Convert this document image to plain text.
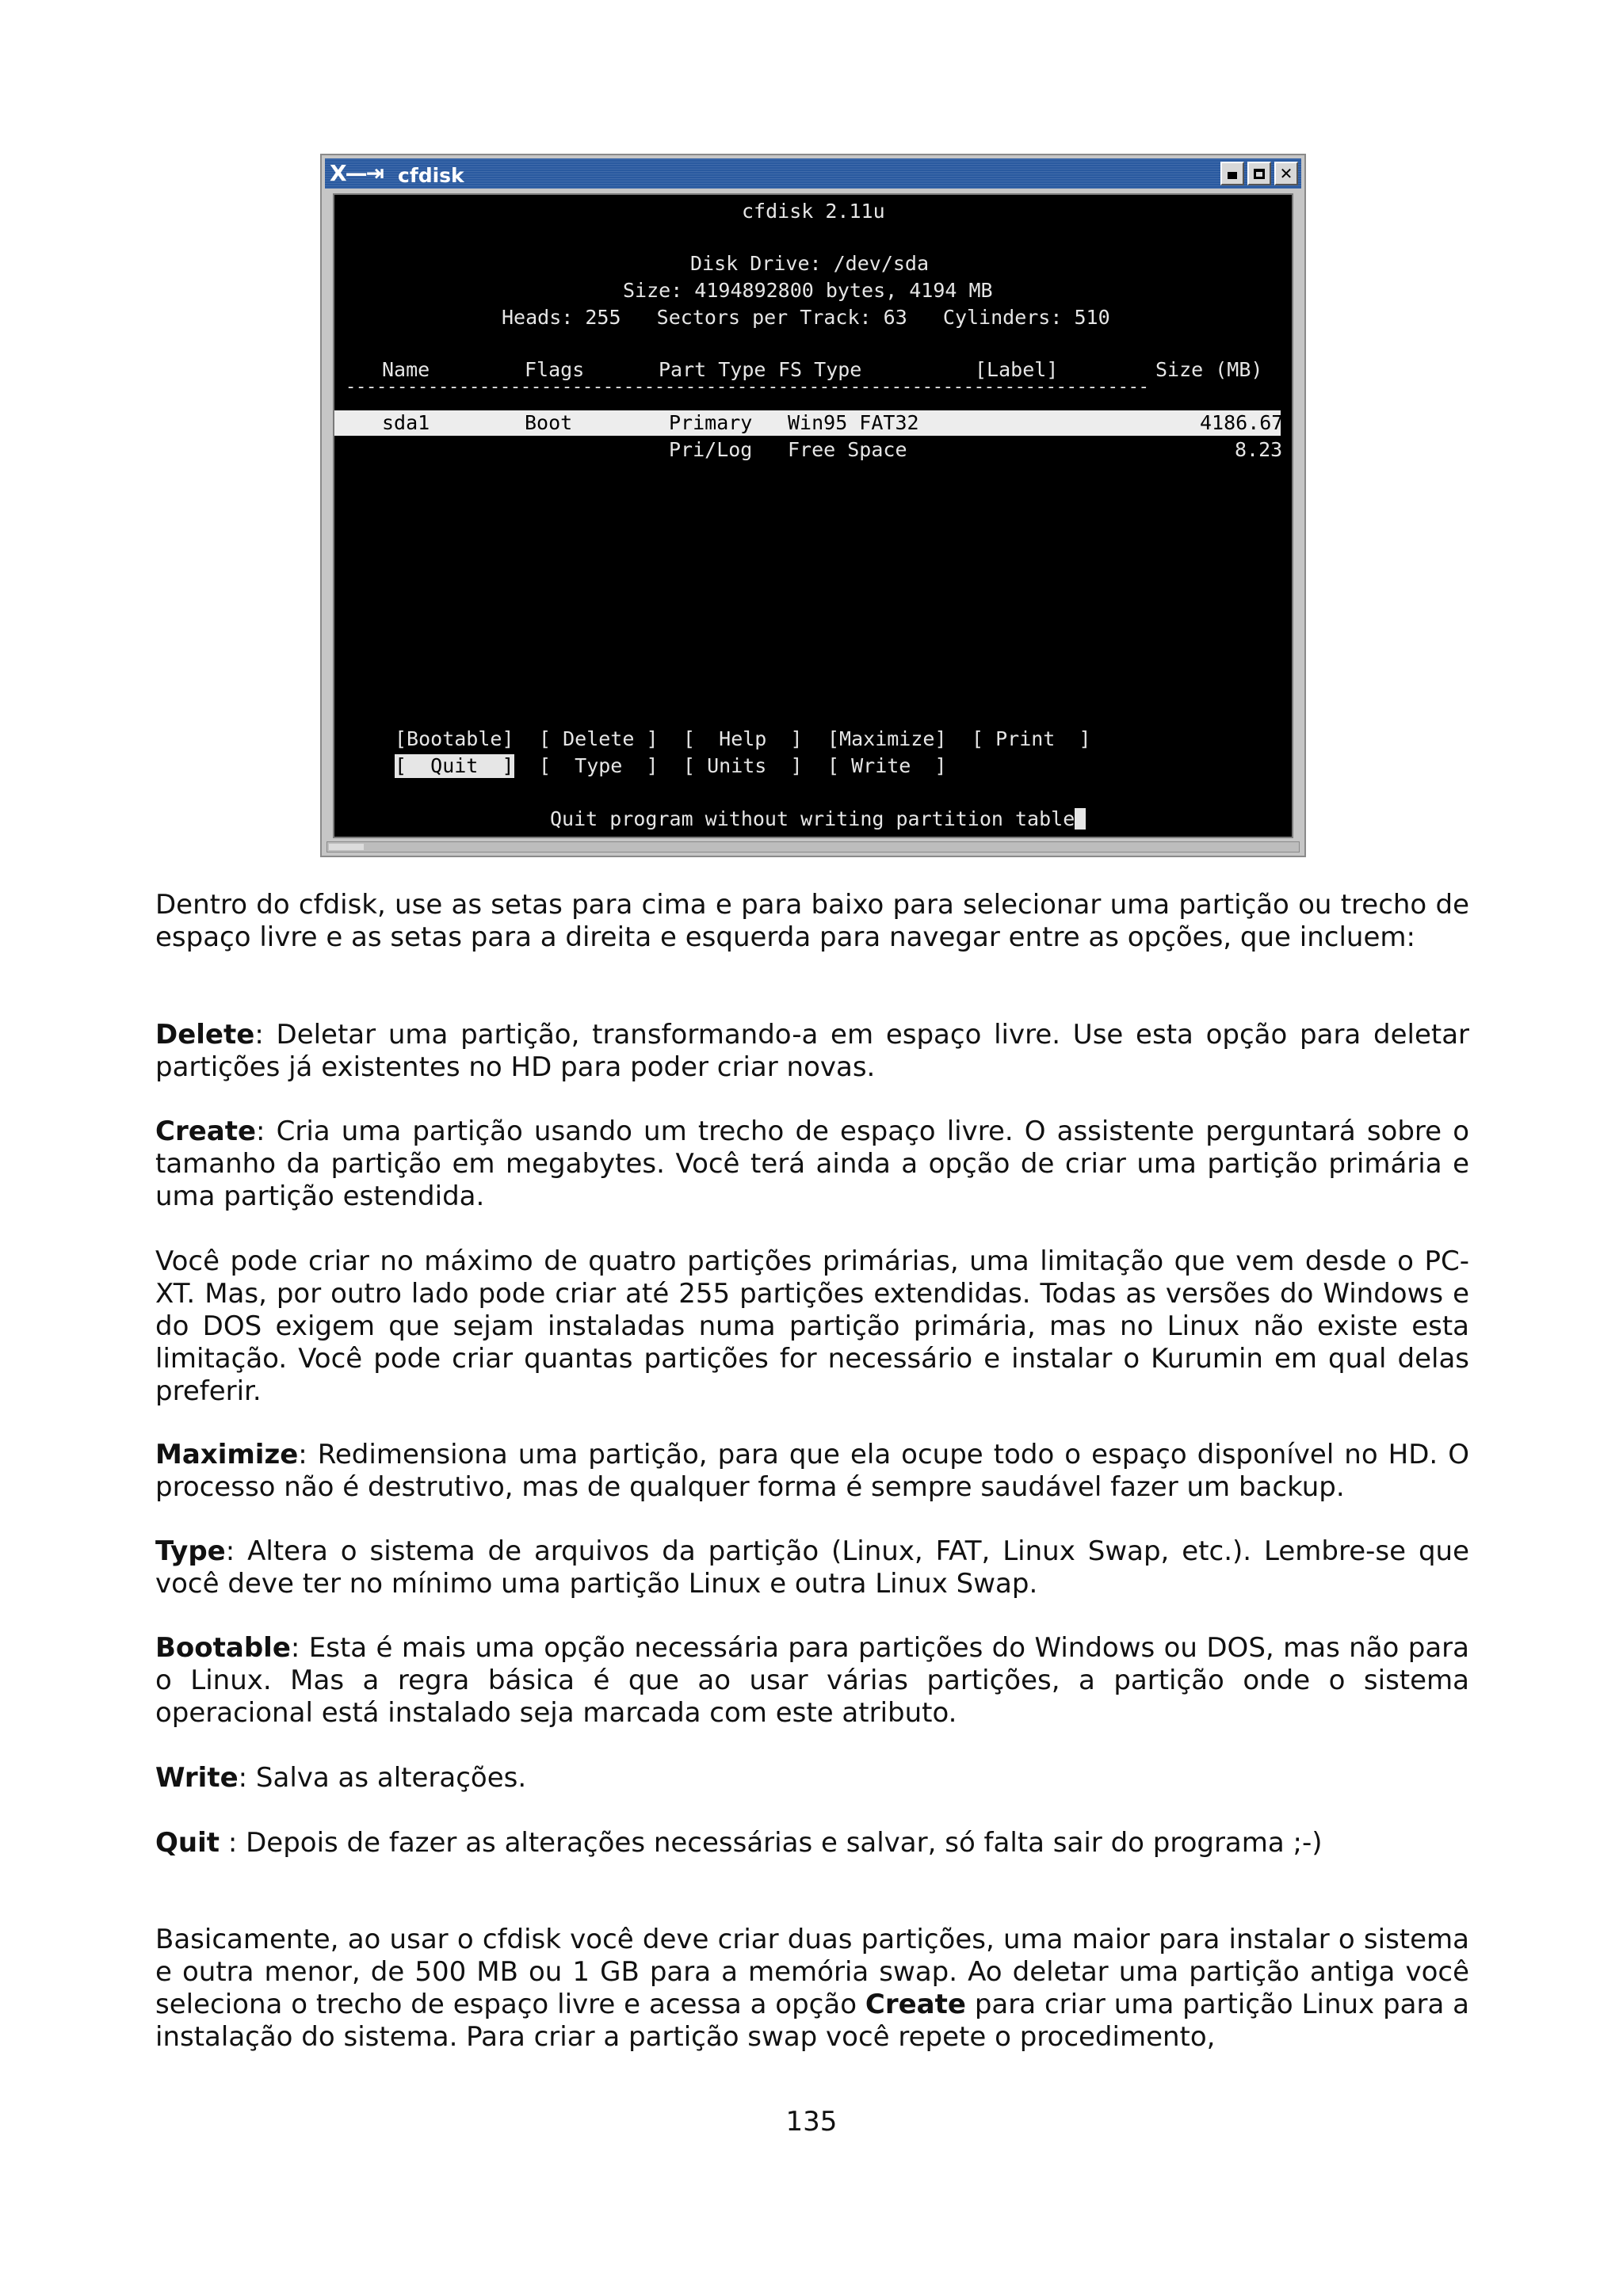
X—⇥ cfdisk	✕
cfdisk 2.11u
Disk Drive: /dev/sda
Size: 4194892800 bytes, 4194 MB
Heads: 255   Sectors per Track: 63   Cylinders: 510
Name	Flags	Part Type FS Type	[Label]	Size (MB)
------------------------------------------------------------------------------
sda1	Boot	Primary Win95 FAT32	4186.67
Pri/Log Free Space	8.23
[Bootable] [ Delete ] [  Help  ] [Maximize] [ Print  ]
[  Quit  ] [  Type  ] [ Units  ] [ Write  ]
Quit program without writing partition table

Dentro do cfdisk, use as setas para cima e para baixo para selecionar uma partição ou trecho de espaço livre e as setas para a direita e esquerda para navegar entre as opções, que incluem:

Delete: Deletar uma partição, transformando-a em espaço livre. Use esta opção para deletar partições já existentes no HD para poder criar novas.

Create: Cria uma partição usando um trecho de espaço livre. O assistente perguntará sobre o tamanho da partição em megabytes. Você terá ainda a opção de criar uma partição primária e uma partição estendida.

Você pode criar no máximo de quatro partições primárias, uma limitação que vem desde o PC-XT. Mas, por outro lado pode criar até 255 partições extendidas. Todas as versões do Windows e do DOS exigem que sejam instaladas numa partição primária, mas no Linux não existe esta limitação. Você pode criar quantas partições for necessário e instalar o Kurumin em qual delas preferir.

Maximize: Redimensiona uma partição, para que ela ocupe todo o espaço disponível no HD. O processo não é destrutivo, mas de qualquer forma é sempre saudável fazer um backup.

Type: Altera o sistema de arquivos da partição (Linux, FAT, Linux Swap, etc.). Lembre-se que você deve ter no mínimo uma partição Linux e outra Linux Swap.

Bootable: Esta é mais uma opção necessária para partições do Windows ou DOS, mas não para o Linux. Mas a regra básica é que ao usar várias partições, a partição onde o sistema operacional está instalado seja marcada com este atributo.

Write: Salva as alterações.

Quit : Depois de fazer as alterações necessárias e salvar, só falta sair do programa ;-)

Basicamente, ao usar o cfdisk você deve criar duas partições, uma maior para instalar o sistema e outra menor, de 500 MB ou 1 GB para a memória swap. Ao deletar uma partição antiga você seleciona o trecho de espaço livre e acessa a opção Create para criar uma partição Linux para a instalação do sistema. Para criar a partição swap você repete o procedimento,

135
